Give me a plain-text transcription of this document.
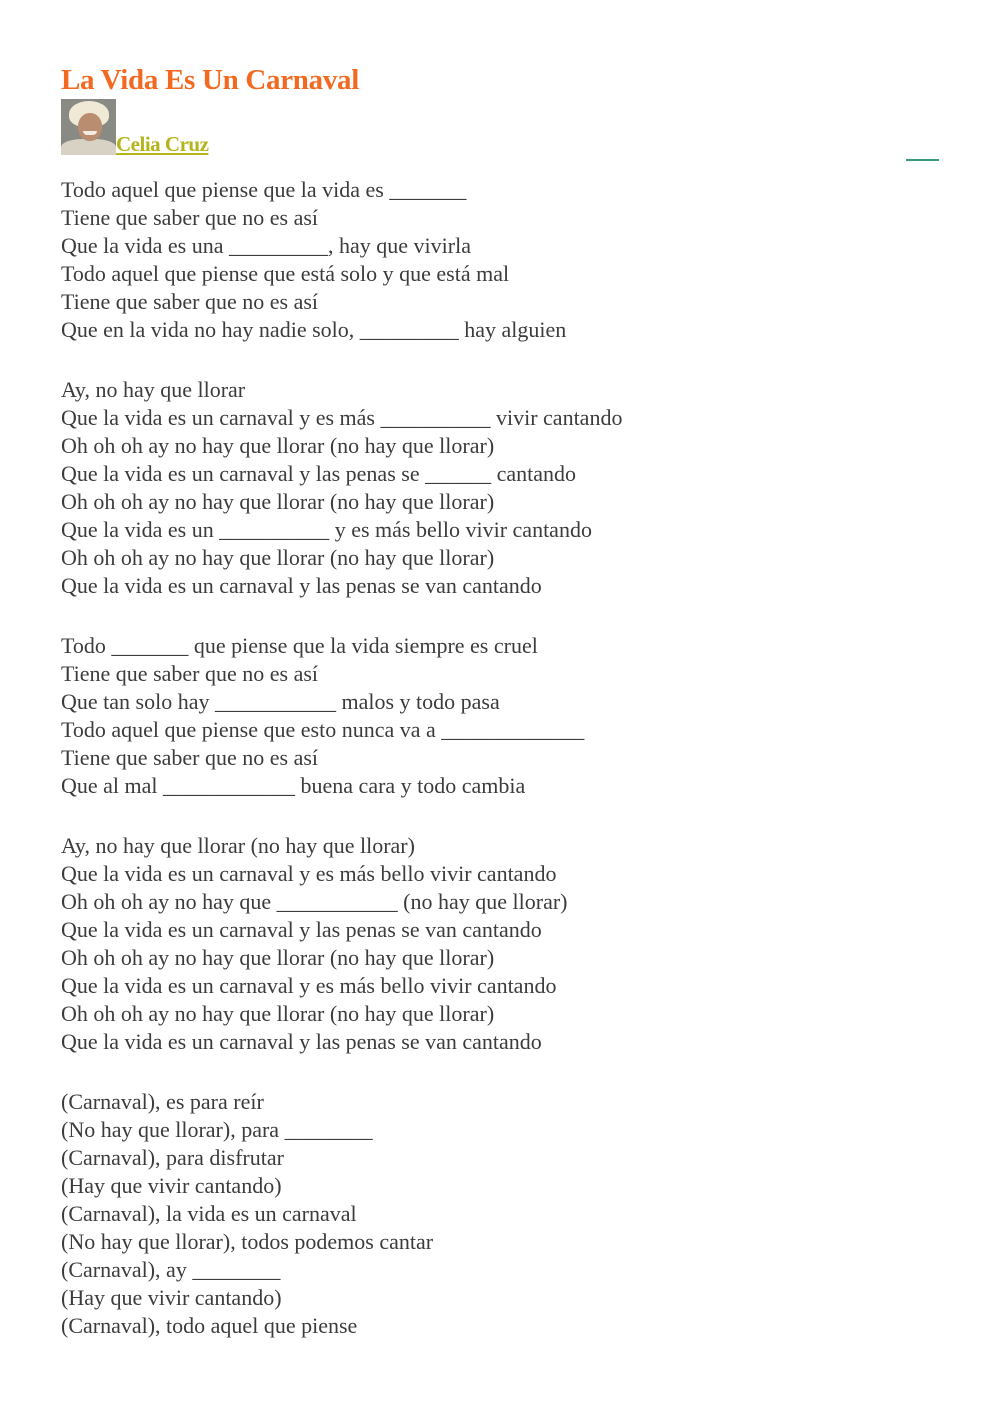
La Vida Es Un Carnaval
Celia Cruz
Todo aquel que piense que la vida es _______
Tiene que saber que no es así
Que la vida es una _________, hay que vivirla
Todo aquel que piense que está solo y que está mal
Tiene que saber que no es así
Que en la vida no hay nadie solo, _________ hay alguien
Ay, no hay que llorar
Que la vida es un carnaval y es más __________ vivir cantando
Oh oh oh ay no hay que llorar (no hay que llorar)
Que la vida es un carnaval y las penas se ______ cantando
Oh oh oh ay no hay que llorar (no hay que llorar)
Que la vida es un __________ y es más bello vivir cantando
Oh oh oh ay no hay que llorar (no hay que llorar)
Que la vida es un carnaval y las penas se van cantando
Todo _______ que piense que la vida siempre es cruel
Tiene que saber que no es así
Que tan solo hay ___________ malos y todo pasa
Todo aquel que piense que esto nunca va a _____________
Tiene que saber que no es así
Que al mal ____________ buena cara y todo cambia
Ay, no hay que llorar (no hay que llorar)
Que la vida es un carnaval y es más bello vivir cantando
Oh oh oh ay no hay que ___________ (no hay que llorar)
Que la vida es un carnaval y las penas se van cantando
Oh oh oh ay no hay que llorar (no hay que llorar)
Que la vida es un carnaval y es más bello vivir cantando
Oh oh oh ay no hay que llorar (no hay que llorar)
Que la vida es un carnaval y las penas se van cantando
(Carnaval), es para reír
(No hay que llorar), para ________
(Carnaval), para disfrutar
(Hay que vivir cantando)
(Carnaval), la vida es un carnaval
(No hay que llorar), todos podemos cantar
(Carnaval), ay ________
(Hay que vivir cantando)
(Carnaval), todo aquel que piense
